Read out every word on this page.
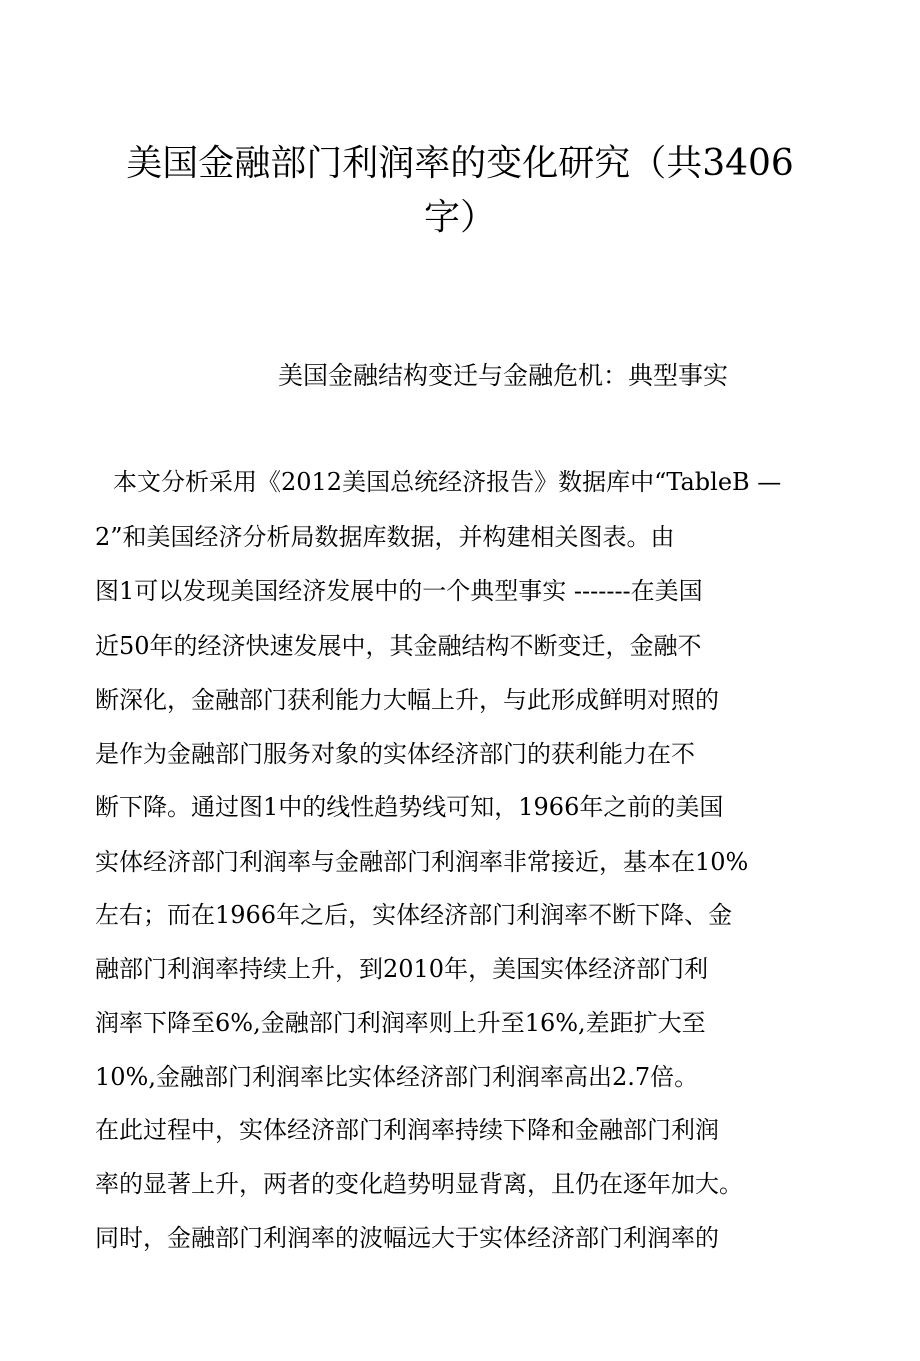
美国金融部门利润率的变化研究（共3406
字）
美国金融结构变迁与金融危机：典型事实
本文分析采用《2012美国总统经济报告》数据库中“TableB —
2”和美国经济分析局数据库数据，并构建相关图表。由
图1可以发现美国经济发展中的一个典型事实 -------在美国
近50年的经济快速发展中，其金融结构不断变迁，金融不
断深化，金融部门获利能力大幅上升，与此形成鲜明对照的
是作为金融部门服务对象的实体经济部门的获利能力在不
断下降。通过图1中的线性趋势线可知，1966年之前的美国
实体经济部门利润率与金融部门利润率非常接近，基本在10%
左右；而在1966年之后，实体经济部门利润率不断下降、金
融部门利润率持续上升，到2010年，美国实体经济部门利
润率下降至6%,金融部门利润率则上升至16%,差距扩大至
10%,金融部门利润率比实体经济部门利润率高出2.7倍。
在此过程中，实体经济部门利润率持续下降和金融部门利润
率的显著上升，两者的变化趋势明显背离，且仍在逐年加大。
同时，金融部门利润率的波幅远大于实体经济部门利润率的
